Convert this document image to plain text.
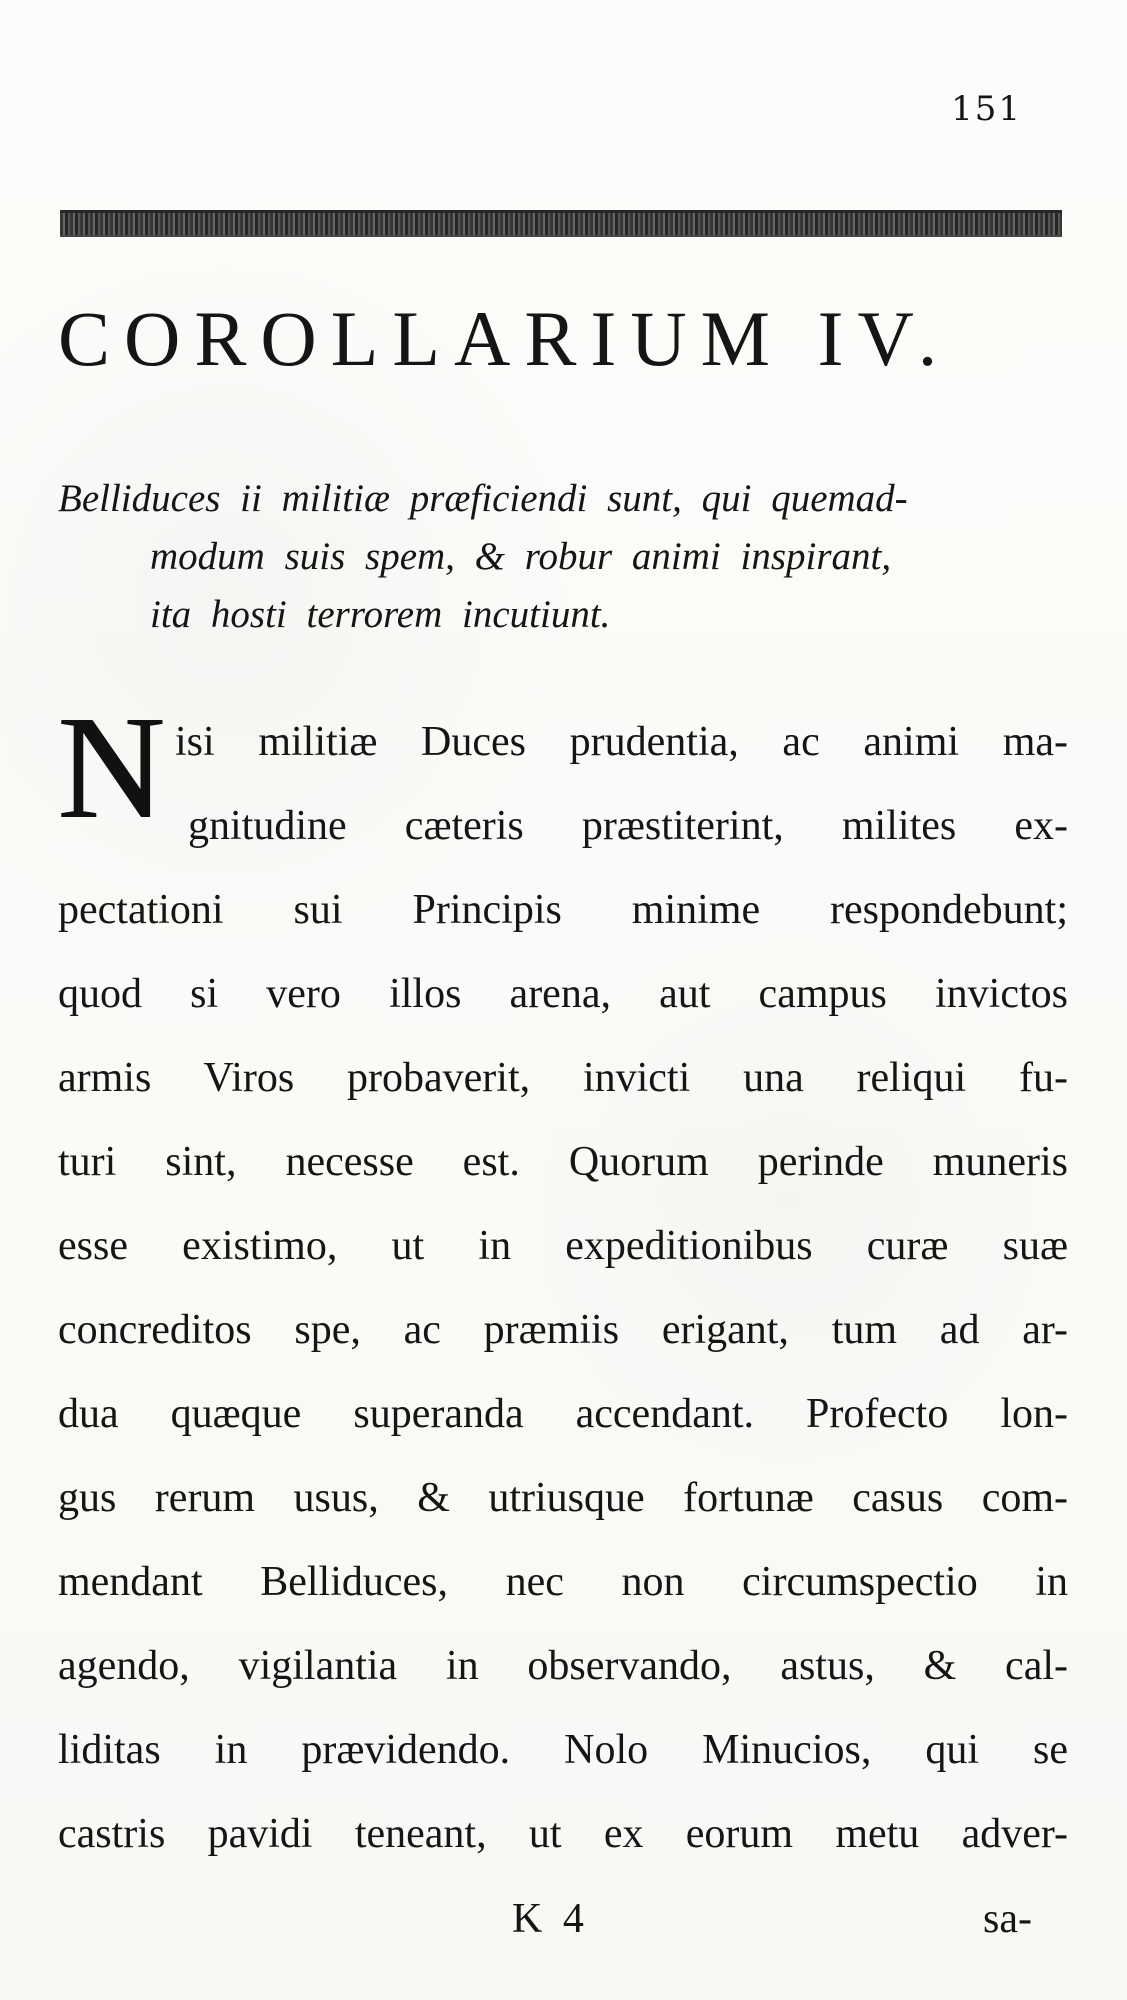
151
COROLLARIUM IV.
Belliduces ii militiæ præficiendi sunt, qui quemad-
modum suis spem, & robur animi inspirant,
ita hosti terrorem incutiunt.
N isi militiæ Duces prudentia, ac animi ma-
gnitudine cæteris præstiterint, milites ex-
pectationi sui Principis minime respondebunt;
quod si vero illos arena, aut campus invictos
armis Viros probaverit, invicti una reliqui fu-
turi sint, necesse est. Quorum perinde muneris
esse existimo, ut in expeditionibus curæ suæ
concreditos spe, ac præmiis erigant, tum ad ar-
dua quæque superanda accendant. Profecto lon-
gus rerum usus, & utriusque fortunæ casus com-
mendant Belliduces, nec non circumspectio in
agendo, vigilantia in observando, astus, & cal-
liditas in prævidendo. Nolo Minucios, qui se
castris pavidi teneant, ut ex eorum metu adver-
K 4	sa-
